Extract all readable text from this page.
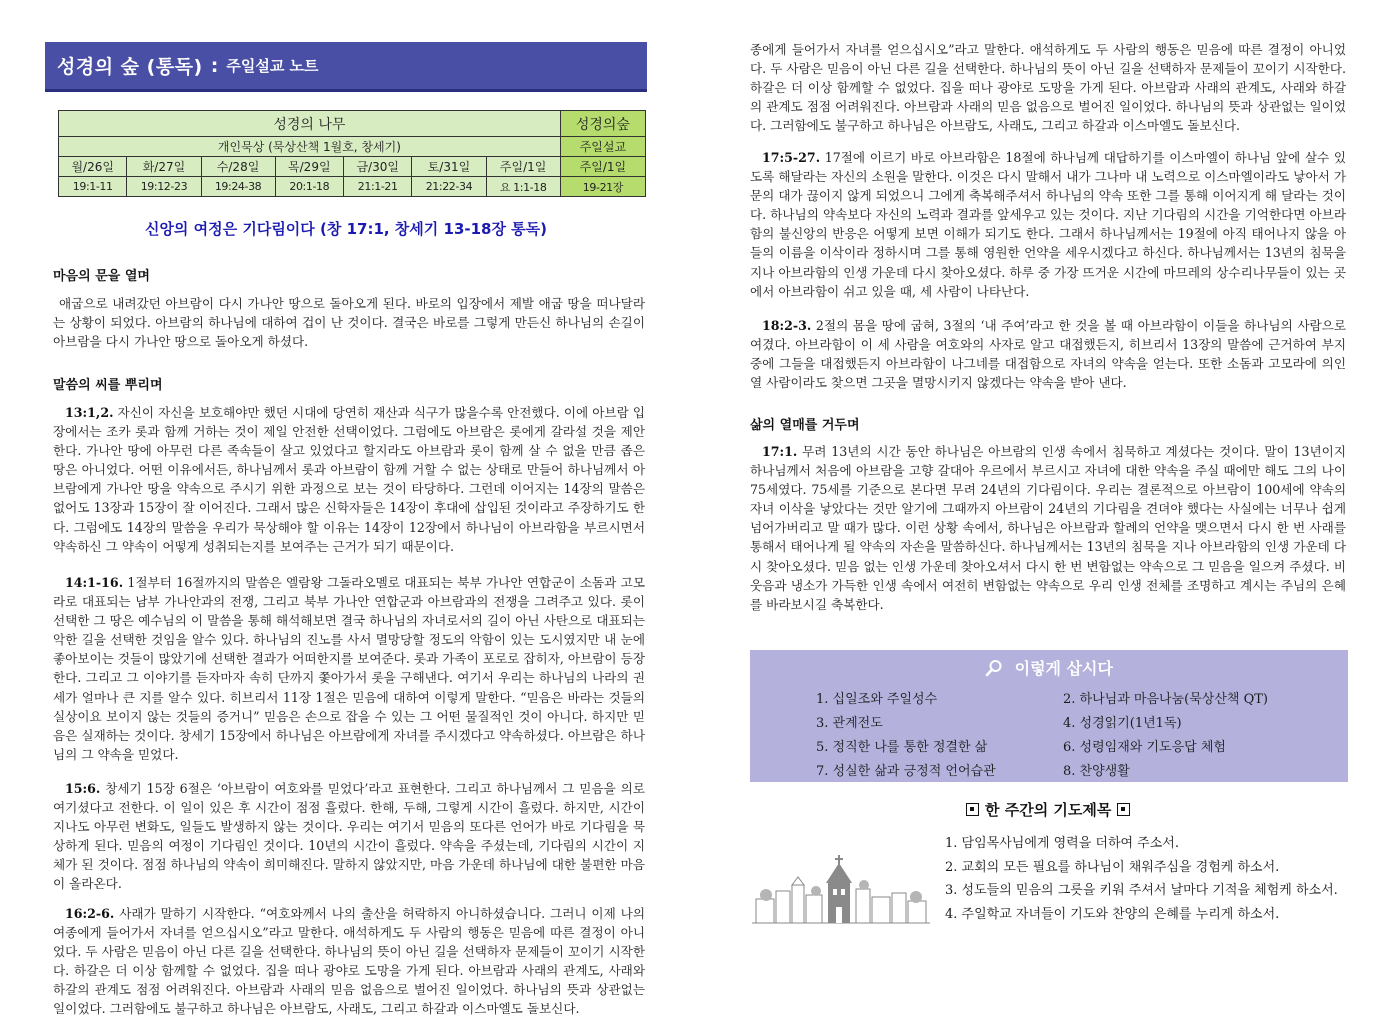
성경의 숲 (통독) : 주일설교 노트
성경의 나무							성경의숲
개인묵상 (묵상산책 1월호, 창세기)							주일설교
월/26일	화/27일	수/28일	목/29일	금/30일	토/31일	주일/1일	주일/1일
19:1-11	19:12-23	19:24-38	20:1-18	21:1-21	21:22-34	요 1:1-18	19-21장
신앙의 여정은 기다림이다 (창 17:1, 창세기 13-18장 통독)
마음의 문을 열며

애굽으로 내려갔던 아브람이 다시 가나안 땅으로 돌아오게 된다. 바로의 입장에서 제발 애굽 땅을 떠나달라는 상황이 되었다. 아브람의 하나님에 대하여 겁이 난 것이다. 결국은 바로를 그렇게 만든신 하나님의 손길이 아브람을 다시 가나안 땅으로 돌아오게 하셨다.

말씀의 씨를 뿌리며

13:1,2. 자신이 자신을 보호해야만 했던 시대에 당연히 재산과 식구가 많을수록 안전했다. 이에 아브람 입장에서는 조카 롯과 함께 거하는 것이 제일 안전한 선택이었다. 그럼에도 아브람은 롯에게 갈라설 것을 제안한다. 가나안 땅에 아무런 다른 족속들이 살고 있었다고 할지라도 아브람과 롯이 함께 살 수 없을 만큼 좁은 땅은 아니었다. 어떤 이유에서든, 하나님께서 롯과 아브람이 함께 거할 수 없는 상태로 만들어 하나님께서 아브람에게 가나안 땅을 약속으로 주시기 위한 과정으로 보는 것이 타당하다. 그런데 이어지는 14장의 말씀은 없어도 13장과 15장이 잘 이어진다. 그래서 많은 신학자들은 14장이 후대에 삽입된 것이라고 주장하기도 한다. 그럼에도 14장의 말씀을 우리가 묵상해야 할 이유는 14장이 12장에서 하나님이 아브라함을 부르시면서 약속하신 그 약속이 어떻게 성취되는지를 보여주는 근거가 되기 때문이다.

14:1-16. 1절부터 16절까지의 말씀은 엘람왕 그돌라오멜로 대표되는 북부 가나안 연합군이 소돔과 고모라로 대표되는 남부 가나안과의 전쟁, 그리고 북부 가나안 연합군과 아브람과의 전쟁을 그려주고 있다. 롯이 선택한 그 땅은 예수님의 이 말씀을 통해 해석해보면 결국 하나님의 자녀로서의 길이 아닌 사탄으로 대표되는 악한 길을 선택한 것임을 알수 있다. 하나님의 진노를 사서 멸망당할 정도의 악함이 있는 도시였지만 내 눈에 좋아보이는 것들이 많았기에 선택한 결과가 어떠한지를 보여준다. 롯과 가족이 포로로 잡히자, 아브람이 등장한다. 그리고 그 이야기를 듣자마자 속히 단까지 쫓아가서 롯을 구해낸다. 여기서 우리는 하나님의 나라의 권세가 얼마나 큰 지를 알수 있다. 히브리서 11장 1절은 믿음에 대하여 이렇게 말한다. “믿음은 바라는 것들의 실상이요 보이지 않는 것들의 증거니” 믿음은 손으로 잡을 수 있는 그 어떤 물질적인 것이 아니다. 하지만 믿음은 실재하는 것이다. 창세기 15장에서 하나님은 아브람에게 자녀를 주시겠다고 약속하셨다. 아브람은 하나님의 그 약속을 믿었다.

15:6. 창세기 15장 6절은 ‘아브람이 여호와를 믿었다’라고 표현한다. 그리고 하나님께서 그 믿음을 의로 여기셨다고 전한다. 이 일이 있은 후 시간이 점점 흘렀다. 한해, 두해, 그렇게 시간이 흘렀다. 하지만, 시간이 지나도 아무런 변화도, 일들도 발생하지 않는 것이다. 우리는 여기서 믿음의 또다른 언어가 바로 기다림을 묵상하게 된다. 믿음의 여정이 기다림인 것이다. 10년의 시간이 흘렀다. 약속을 주셨는데, 기다림의 시간이 지체가 된 것이다. 점점 하나님의 약속이 희미해진다. 말하지 않았지만, 마음 가운데 하나님에 대한 불편한 마음이 올라온다.

16:2-6. 사래가 말하기 시작한다. “여호와께서 나의 출산을 허락하지 아니하셨습니다. 그러니 이제 나의 여종에게 들어가서 자녀를 얻으십시오”라고 말한다. 애석하게도 두 사람의 행동은 믿음에 따른 결정이 아니었다. 두 사람은 믿음이 아닌 다른 길을 선택한다. 하나님의 뜻이 아닌 길을 선택하자 문제들이 꼬이기 시작한다. 하갈은 더 이상 함께할 수 없었다. 집을 떠나 광야로 도망을 가게 된다. 아브람과 사래의 관계도, 사래와 하갈의 관계도 점점 어려워진다. 아브람과 사래의 믿음 없음으로 벌어진 일이었다. 하나님의 뜻과 상관없는 일이었다. 그러함에도 불구하고 하나님은 아브람도, 사래도, 그리고 하갈과 이스마엘도 돌보신다.

종에게 들어가서 자녀를 얻으십시오”라고 말한다. 애석하게도 두 사람의 행동은 믿음에 따른 결정이 아니었다. 두 사람은 믿음이 아닌 다른 길을 선택한다. 하나님의 뜻이 아닌 길을 선택하자 문제들이 꼬이기 시작한다. 하갈은 더 이상 함께할 수 없었다. 집을 떠나 광야로 도망을 가게 된다. 아브람과 사래의 관계도, 사래와 하갈의 관계도 점점 어려워진다. 아브람과 사래의 믿음 없음으로 벌어진 일이었다. 하나님의 뜻과 상관없는 일이었다. 그러함에도 불구하고 하나님은 아브람도, 사래도, 그리고 하갈과 이스마엘도 돌보신다.

17:5-27. 17절에 이르기 바로 아브라함은 18절에 하나님께 대답하기를 이스마엘이 하나님 앞에 살수 있도록 해달라는 자신의 소원을 말한다. 이것은 다시 말해서 내가 그나마 내 노력으로 이스마엘이라도 낳아서 가문의 대가 끊이지 않게 되었으니 그에게 축복해주셔서 하나님의 약속 또한 그를 통해 이어지게 해 달라는 것이다. 하나님의 약속보다 자신의 노력과 결과를 앞세우고 있는 것이다. 지난 기다림의 시간을 기억한다면 아브라함의 불신앙의 반응은 어떻게 보면 이해가 되기도 한다. 그래서 하나님께서는 19절에 아직 태어나지 않을 아들의 이름을 이삭이라 정하시며 그를 통해 영원한 언약을 세우시겠다고 하신다. 하나님께서는 13년의 침묵을 지나 아브라함의 인생 가운데 다시 찾아오셨다. 하루 중 가장 뜨거운 시간에 마므레의 상수리나무들이 있는 곳에서 아브라함이 쉬고 있을 때, 세 사람이 나타난다.

18:2-3. 2절의 몸을 땅에 굽혀, 3절의 ‘내 주여’라고 한 것을 볼 때 아브라함이 이들을 하나님의 사람으로 여겼다. 아브라함이 이 세 사람을 여호와의 사자로 알고 대접했든지, 히브리서 13장의 말씀에 근거하여 부지중에 그들을 대접했든지 아브라함이 나그네를 대접함으로 자녀의 약속을 얻는다. 또한 소돔과 고모라에 의인 열 사람이라도 찾으면 그곳을 멸망시키지 않겠다는 약속을 받아 낸다.

삶의 열매를 거두며

17:1. 무려 13년의 시간 동안 하나님은 아브람의 인생 속에서 침묵하고 계셨다는 것이다. 말이 13년이지 하나님께서 처음에 아브람을 고향 갈대아 우르에서 부르시고 자녀에 대한 약속을 주실 때에만 해도 그의 나이 75세였다. 75세를 기준으로 본다면 무려 24년의 기다림이다. 우리는 결론적으로 아브람이 100세에 약속의 자녀 이삭을 낳았다는 것만 알기에 그때까지 아브람이 24년의 기다림을 견뎌야 했다는 사실에는 너무나 쉽게 넘어가버리고 말 때가 많다. 이런 상황 속에서, 하나님은 아브람과 할례의 언약을 맺으면서 다시 한 번 사래를 통해서 태어나게 될 약속의 자손을 말씀하신다. 하나님께서는 13년의 침묵을 지나 아브라함의 인생 가운데 다시 찾아오셨다. 믿음 없는 인생 가운데 찾아오셔서 다시 한 번 변함없는 약속으로 그 믿음을 일으켜 주셨다. 비웃음과 냉소가 가득한 인생 속에서 여전히 변함없는 약속으로 우리 인생 전체를 조명하고 계시는 주님의 은혜를 바라보시길 축복한다.

이렇게 삽시다
1. 십일조와 주일성수	2. 하나님과 마음나눔(묵상산책 QT)
3. 관계전도	4. 성경읽기(1년1독)
5. 정직한 나를 통한 정결한 삶	6. 성령임재와 기도응답 체험
7. 성실한 삶과 긍정적 언어습관	8. 찬양생활
한 주간의 기도제목
1. 담임목사님에게 영력을 더하여 주소서.
2. 교회의 모든 필요를 하나님이 채워주심을 경험케 하소서.
3. 성도들의 믿음의 그릇을 키워 주셔서 날마다 기적을 체험케 하소서.
4. 주일학교 자녀들이 기도와 찬양의 은혜를 누리게 하소서.
